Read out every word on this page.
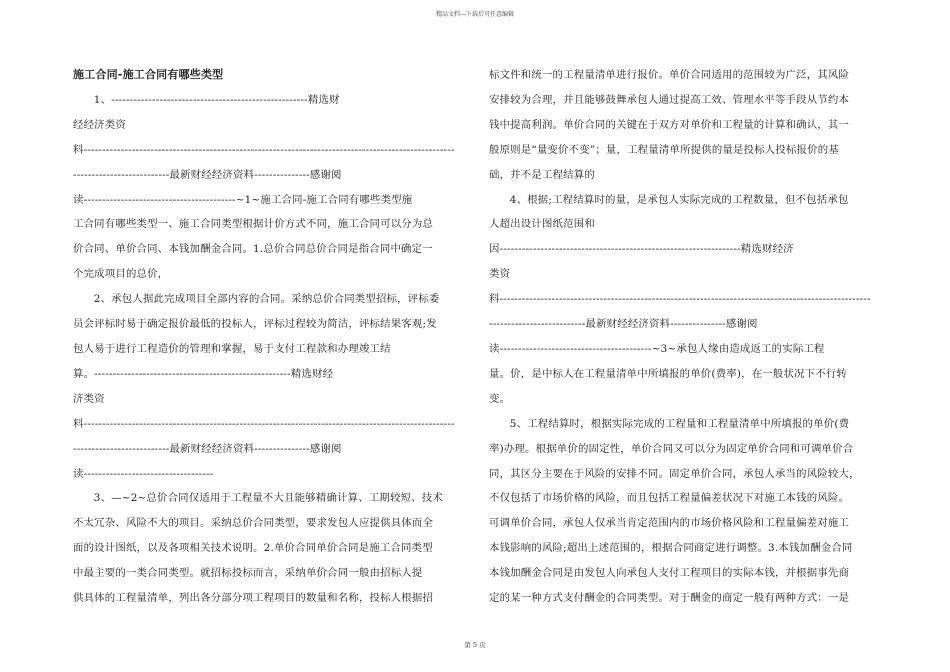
精品文档---下载后可任意编辑
施工合同-施工合同有哪些类型
1、-----------------------------------------------------精选财
经经济类资
料----------------------------------------------------------------------------------------------------
--------------------------最新财经经济资料---------------感谢阅
读-----------------------------------------~1~施工合同-施工合同有哪些类型施
工合同有哪些类型一、施工合同类型根据计价方式不同，施工合同可以分为总
价合同、单价合同、本钱加酬金合同。1.总价合同总价合同是指合同中确定一
个完成项目的总价，
2、承包人据此完成项目全部内容的合同。采纳总价合同类型招标，评标委
员会评标时易于确定报价最低的投标人，评标过程较为简洁，评标结果客观;发
包人易于进行工程造价的管理和掌握，易于支付工程款和办理竣工结
算。-----------------------------------------------------精选财经
济类资
料----------------------------------------------------------------------------------------------------
--------------------------最新财经经济资料---------------感谢阅
读-----------------------------------
3、—~2~总价合同仅适用于工程量不大且能够精确计算、工期较短、技术
不太冗杂、风险不大的项目。采纳总价合同类型，要求发包人应提供具体而全
面的设计图纸，以及各项相关技术说明。2.单价合同单价合同是施工合同类型
中最主要的一类合同类型。就招标投标而言，采纳单价合同一般由招标人提
供具体的工程量清单，列出各分部分项工程项目的数量和名称，投标人根据招
标文件和统一的工程量清单进行报价。单价合同适用的范围较为广泛，其风险
安排较为合理，并且能够鼓舞承包人通过提高工效、管理水平等手段从节约本
钱中提高利润。单价合同的关键在于双方对单价和工程量的计算和确认，其一
般原则是“量变价不变”；量，工程量清单所提供的量是投标人投标报价的基
础，并不是工程结算的
4、根据;工程结算时的量，是承包人实际完成的工程数量，但不包括承包
人超出设计图纸范围和
因-----------------------------------------------------------------精选财经济
类资
料----------------------------------------------------------------------------------------------------
--------------------------最新财经经济资料---------------感谢阅
读-----------------------------------------~3~承包人缘由造成返工的实际工程
量。价，是中标人在工程量清单中所填报的单价(费率)，在一般状况下不行转
变。
5、工程结算时，根据实际完成的工程量和工程量清单中所填报的单价(费
率)办理。根据单价的固定性，单价合同又可以分为固定单价合同和可调单价合
同，其区分主要在于风险的安排不同。固定单价合同，承包人承当的风险较大，
不仅包括了市场价格的风险，而且包括工程量偏差状况下对施工本钱的风险。
可调单价合同，承包人仅承当肯定范围内的市场价格风险和工程量偏差对施工
本钱影响的风险;超出上述范围的，根据合同商定进行调整。3.本钱加酬金合同
本钱加酬金合同是由发包人向承包人支付工程项目的实际本钱，并根据事先商
定的某一种方式支付酬金的合同类型。对于酬金的商定一般有两种方式：一是
第 5 页
